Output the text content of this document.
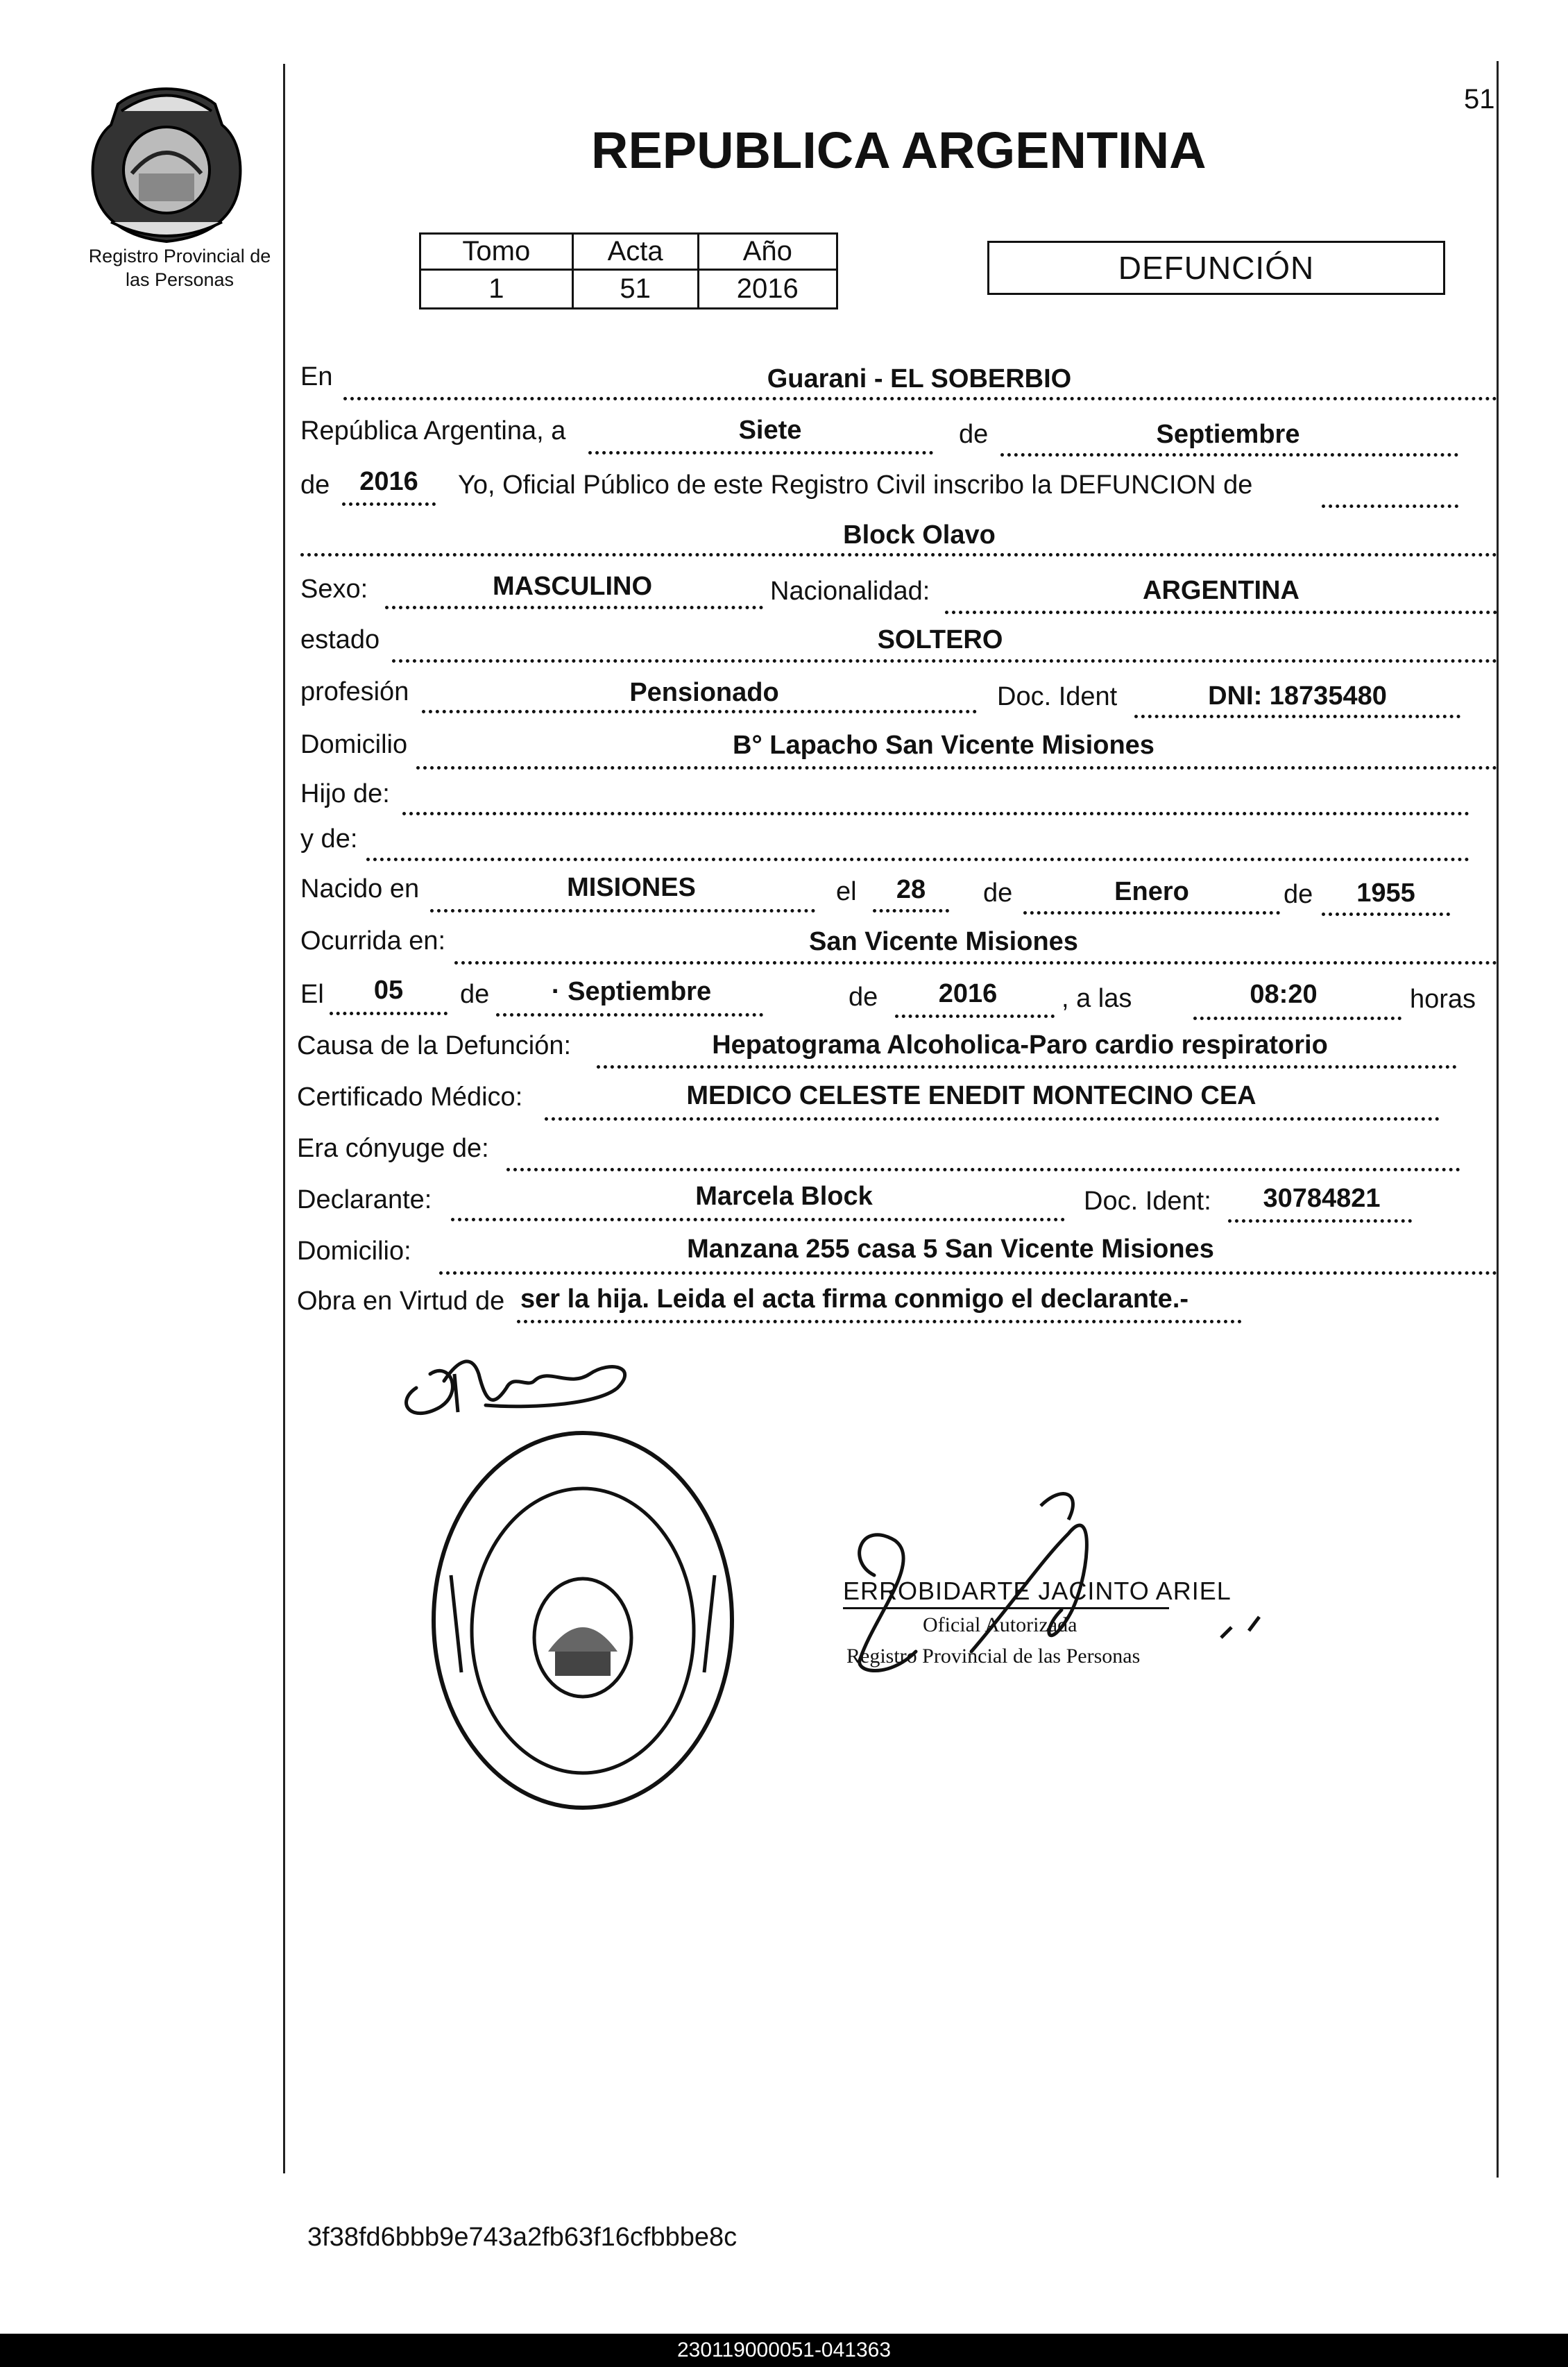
Registro Provincial de
las Personas
51
REPUBLICA ARGENTINA
Tomo	Acta	Año
1	51	2016
DEFUNCIÓN
En	Guarani - EL SOBERBIO
República Argentina, a	Siete	de	Septiembre
de	2016	Yo, Oficial Público de este Registro Civil inscribo la DEFUNCION de
Block Olavo
Sexo:	MASCULINO	Nacionalidad:	ARGENTINA
estado	SOLTERO
profesión	Pensionado	Doc. Ident	DNI: 18735480
Domicilio	B° Lapacho San Vicente Misiones
Hijo de:
y de:
Nacido en	MISIONES	el	28	de	Enero	de	1955
Ocurrida en:	San Vicente Misiones
El	05	de	· Septiembre	de	2016	, a las	08:20	horas
Causa de la Defunción:	Hepatograma Alcoholica-Paro cardio respiratorio
Certificado Médico:	MEDICO CELESTE ENEDIT MONTECINO CEA
Era cónyuge de:
Declarante:	Marcela Block	Doc. Ident:	30784821
Domicilio:	Manzana 255 casa 5 San Vicente Misiones
Obra en Virtud de ser la hija. Leida el acta firma conmigo el declarante.-
ERROBIDARTE JACINTO ARIEL
Oficial Autorizada
Registro Provincial de las Personas
3f38fd6bbb9e743a2fb63f16cfbbbe8c
230119000051-041363
